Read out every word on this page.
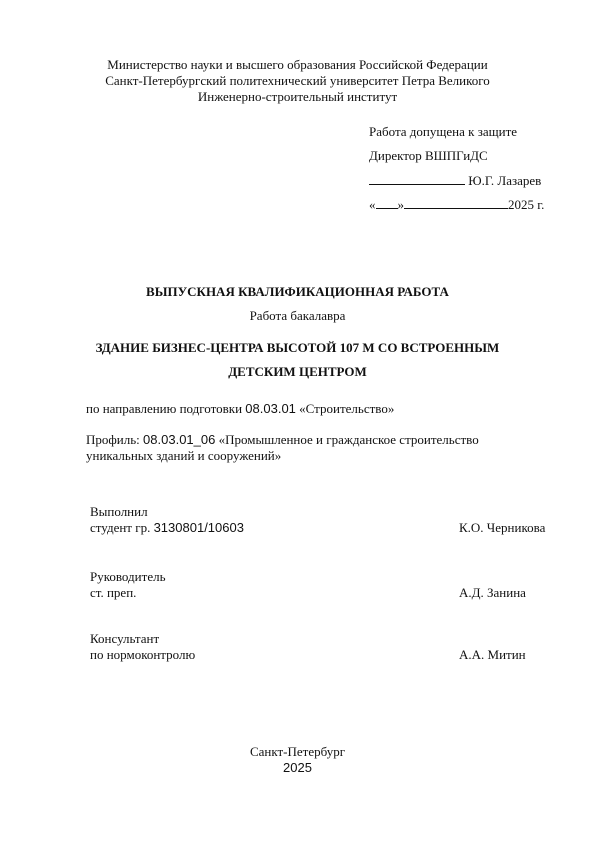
Министерство науки и высшего образования Российской Федерации
Санкт-Петербургский политехнический университет Петра Великого
Инженерно-строительный институт
Работа допущена к защите
Директор ВШПГиДС
Ю.Г. Лазарев
« »	2025 г.
ВЫПУСКНАЯ КВАЛИФИКАЦИОННАЯ РАБОТА
Работа бакалавра
ЗДАНИЕ БИЗНЕС-ЦЕНТРА ВЫСОТОЙ 107 М СО ВСТРОЕННЫМ
ДЕТСКИМ ЦЕНТРОМ
по направлению подготовки 08.03.01 «Строительство»
Профиль: 08.03.01_06 «Промышленное и гражданское строительство
уникальных зданий и сооружений»
Выполнил
студент гр. 3130801/10603	К.О. Черникова
Руководитель
ст. преп.	А.Д. Занина
Консультант
по нормоконтролю	А.А. Митин
Санкт-Петербург
2025
